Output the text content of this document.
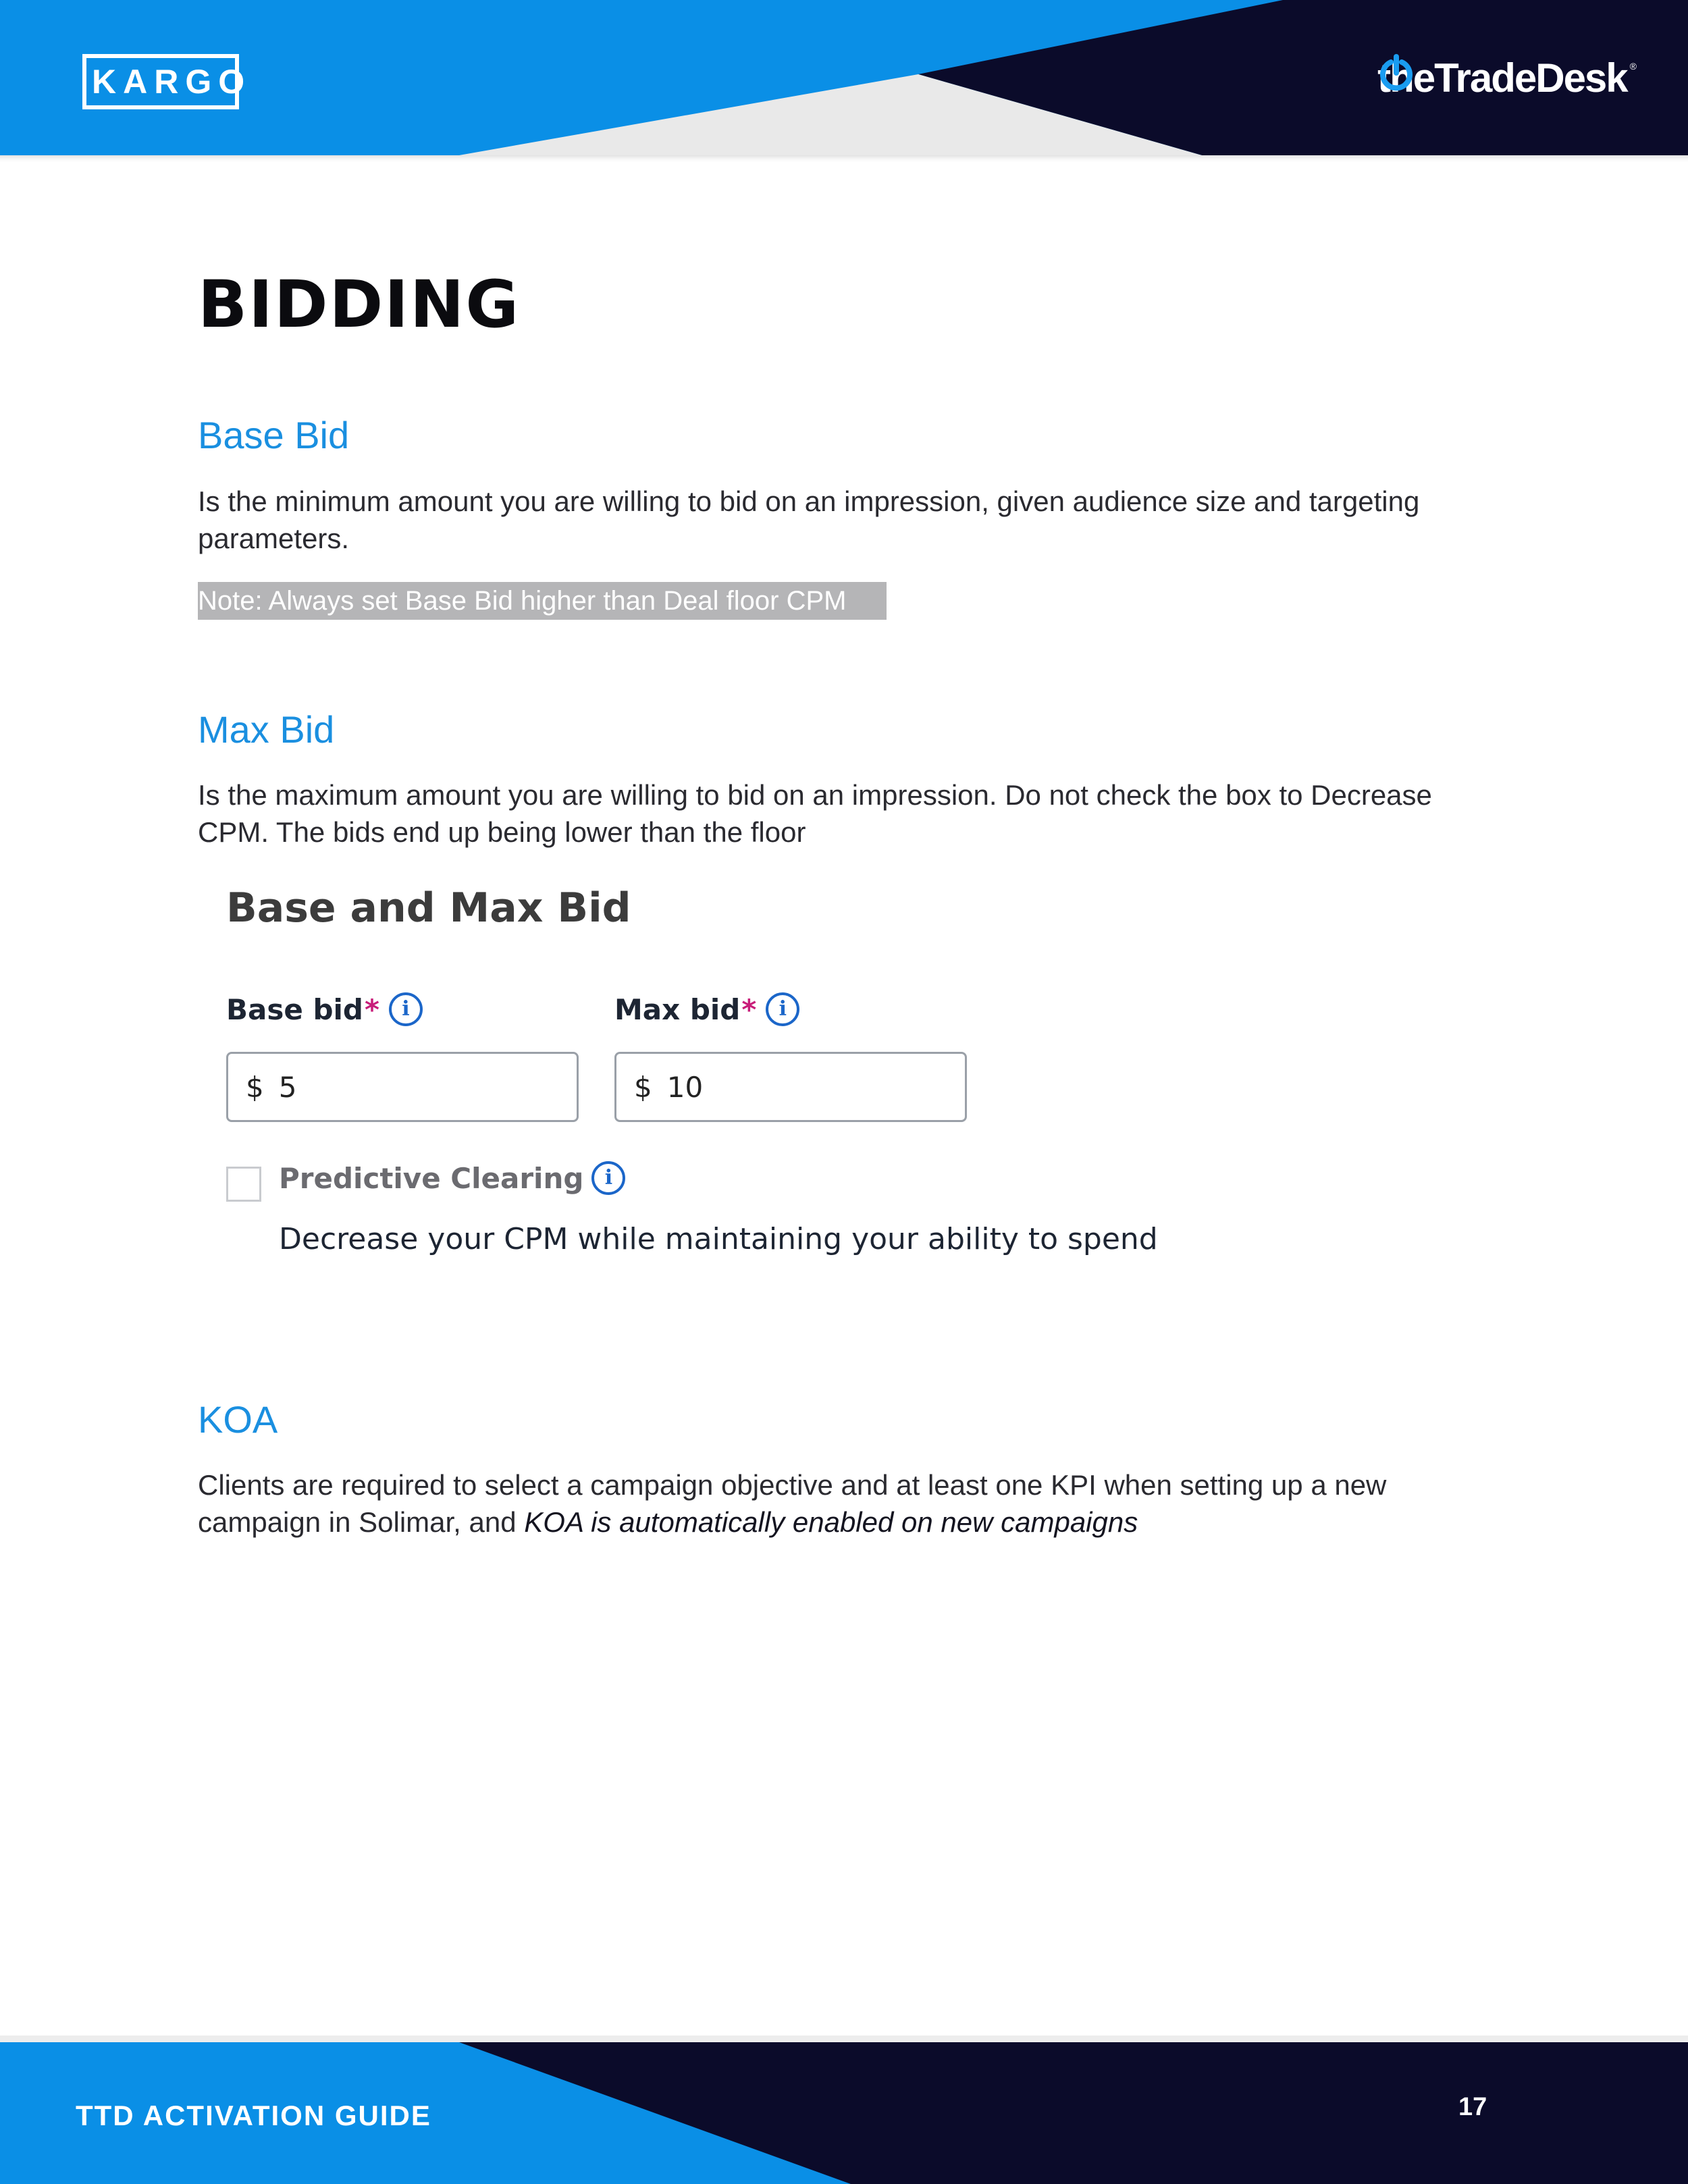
KARGO	theTradeDesk ®
BIDDING
Base Bid

Is the minimum amount you are willing to bid on an impression, given audience size and targeting parameters.

Note: Always set Base Bid higher than Deal floor CPM
Max Bid

Is the maximum amount you are willing to bid on an impression. Do not check the box to Decrease CPM. The bids end up being lower than the floor

Base and Max Bid
Base bid *	i
$ 5
Max bid *	i
$ 10
Predictive Clearing	i

Decrease your CPM while maintaining your ability to spend

KOA

Clients are required to select a campaign objective and at least one KPI when setting up a new campaign in Solimar, and KOA is automatically enabled on new campaigns

TTD ACTIVATION GUIDE	17
